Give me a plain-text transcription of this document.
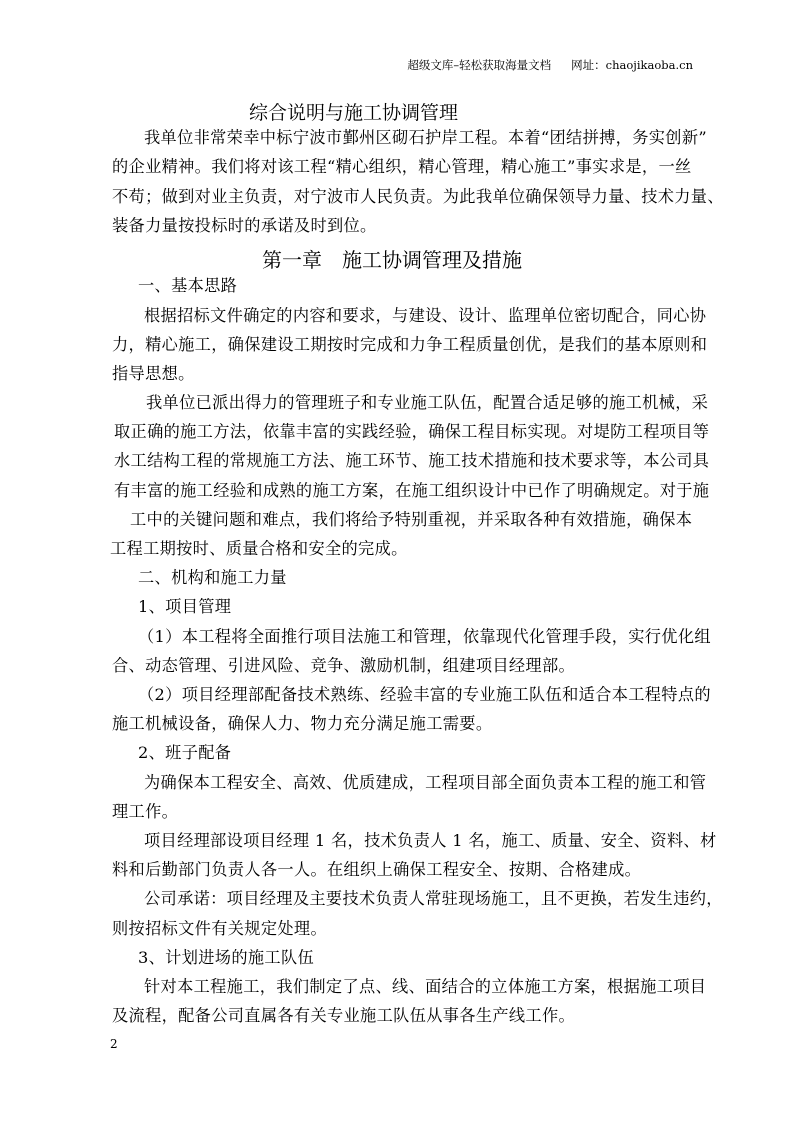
超级文库–轻松获取海量文档 网址：chaojikaoba.cn
综合说明与施工协调管理
我单位非常荣幸中标宁波市鄞州区砌石护岸工程。本着“团结拼搏，务实创新”
的企业精神。我们将对该工程“精心组织，精心管理，精心施工”事实求是，一丝
不苟；做到对业主负责，对宁波市人民负责。为此我单位确保领导力量、技术力量、
装备力量按投标时的承诺及时到位。
第一章　施工协调管理及措施
一、基本思路
根据招标文件确定的内容和要求，与建设、设计、监理单位密切配合，同心协
力，精心施工，确保建设工期按时完成和力争工程质量创优，是我们的基本原则和
指导思想。
我单位已派出得力的管理班子和专业施工队伍，配置合适足够的施工机械，采
取正确的施工方法，依靠丰富的实践经验，确保工程目标实现。对堤防工程项目等
水工结构工程的常规施工方法、施工环节、施工技术措施和技术要求等，本公司具
有丰富的施工经验和成熟的施工方案，在施工组织设计中已作了明确规定。对于施
工中的关键问题和难点，我们将给予特别重视，并采取各种有效措施，确保本
工程工期按时、质量合格和安全的完成。
二、机构和施工力量
1、项目管理
（1）本工程将全面推行项目法施工和管理，依靠现代化管理手段，实行优化组
合、动态管理、引进风险、竞争、激励机制，组建项目经理部。
（2）项目经理部配备技术熟练、经验丰富的专业施工队伍和适合本工程特点的
施工机械设备，确保人力、物力充分满足施工需要。
2、班子配备
为确保本工程安全、高效、优质建成，工程项目部全面负责本工程的施工和管
理工作。
项目经理部设项目经理 1 名，技术负责人 1 名，施工、质量、安全、资料、材
料和后勤部门负责人各一人。在组织上确保工程安全、按期、合格建成。
公司承诺：项目经理及主要技术负责人常驻现场施工，且不更换，若发生违约，
则按招标文件有关规定处理。
3、计划进场的施工队伍
针对本工程施工，我们制定了点、线、面结合的立体施工方案，根据施工项目
及流程，配备公司直属各有关专业施工队伍从事各生产线工作。
2
